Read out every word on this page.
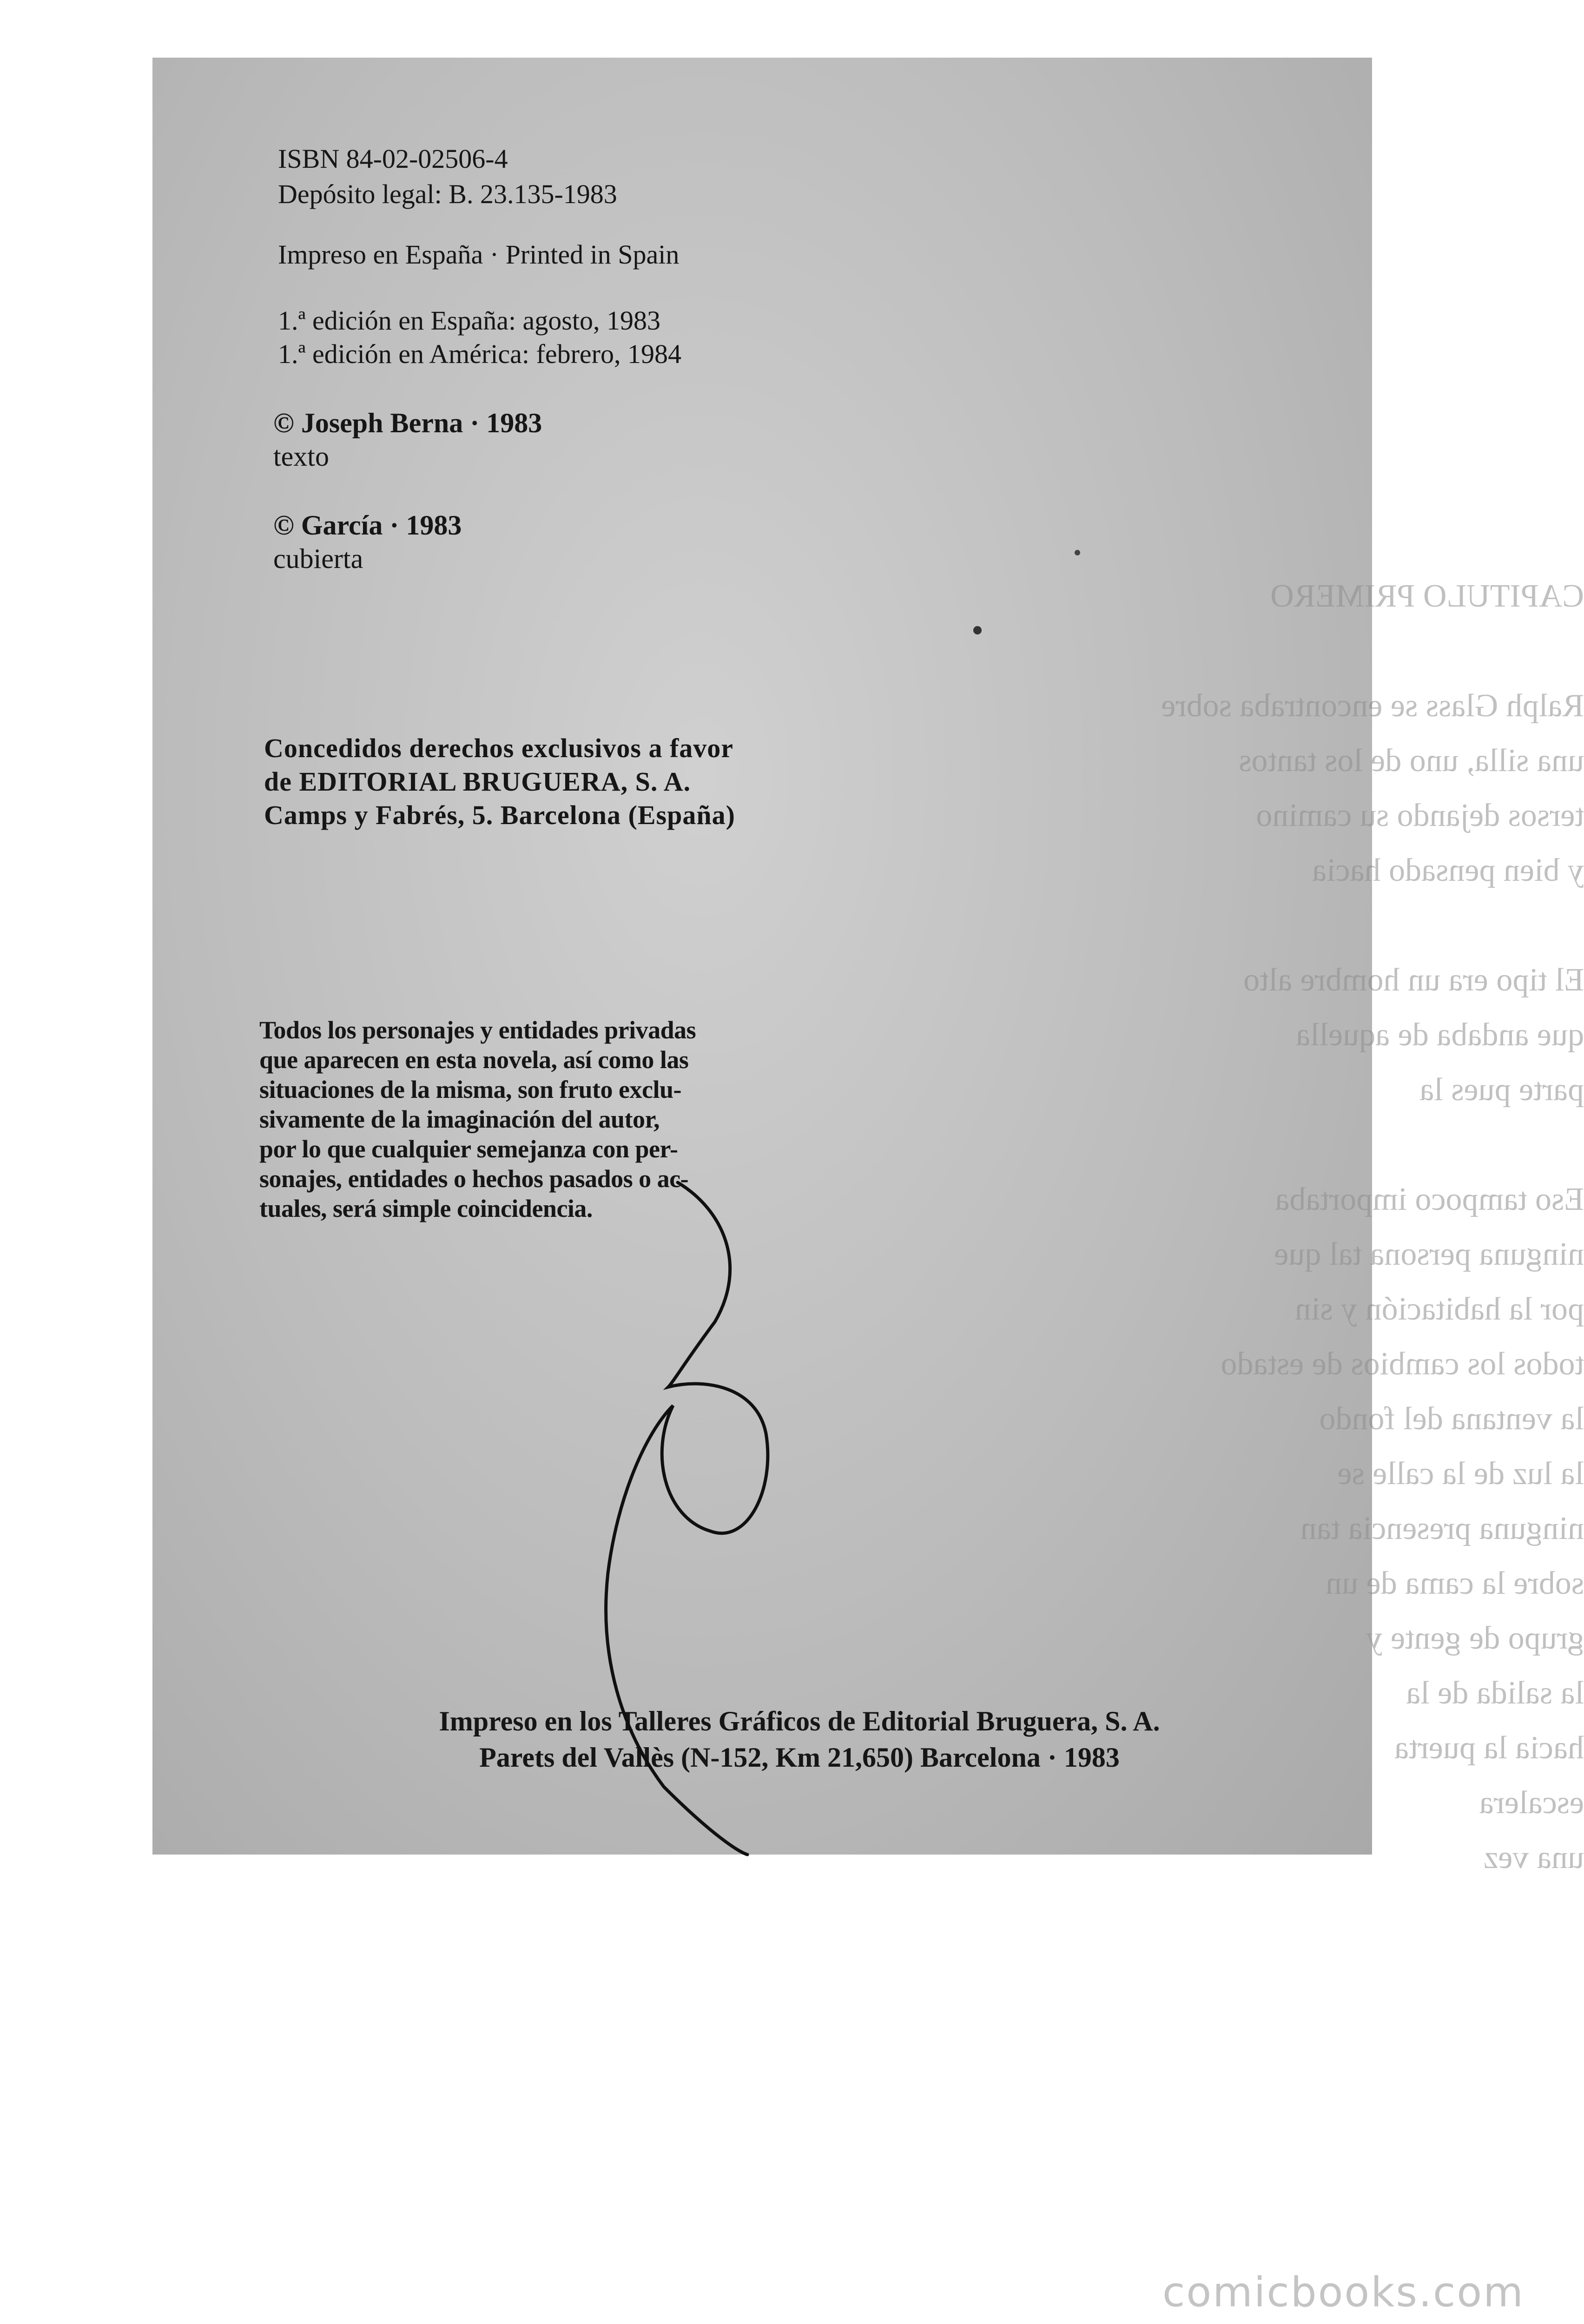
CAPITULO PRIMERO

Ralph Glass se encontraba sobre
una silla, uno de los tantos
tersos dejando su camino
y bien pensado hacia

El tipo era un hombre alto
que andaba de aquella
parte pues la

Eso tampoco importaba
ninguna persona tal que
por la habitación y sin
todos los cambios de estado
la ventana del fondo
la luz de la calle se
ninguna presencia tan
sobre la cama de un
grupo de gente y
la salida de la
hacia la puerta
escalera
una vez

ISBN 84-02-02506-4

Depósito legal: B. 23.135-1983

Impreso en España · Printed in Spain

1.ª edición en España: agosto, 1983

1.ª edición en América: febrero, 1984

© Joseph Berna · 1983

texto

© García · 1983

cubierta

Concedidos derechos exclusivos a favor

de EDITORIAL BRUGUERA, S. A.

Camps y Fabrés, 5. Barcelona (España)

Todos los personajes y entidades privadas

que aparecen en esta novela, así como las

situaciones de la misma, son fruto exclu-

sivamente de la imaginación del autor,

por lo que cualquier semejanza con per-

sonajes, entidades o hechos pasados o ac-

tuales, será simple coincidencia.

Impreso en los Talleres Gráficos de Editorial Bruguera, S. A.

Parets del Vallès (N-152, Km 21,650) Barcelona · 1983

comicbooks.com
